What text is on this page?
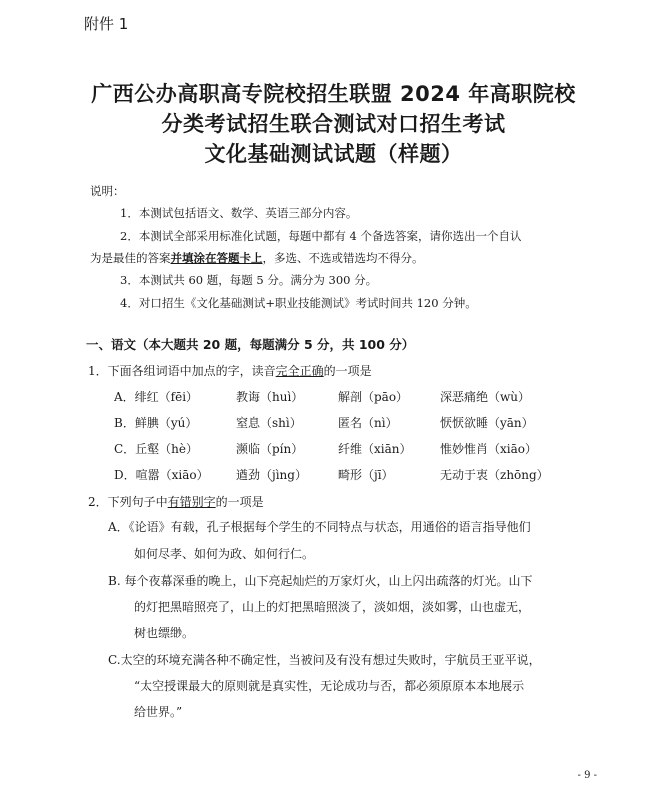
附件 1
广西公办高职高专院校招生联盟 2024 年高职院校
分类考试招生联合测试对口招生考试
文化基础测试试题（样题）
说明：
1．本测试包括语文、数学、英语三部分内容。
2．本测试全部采用标准化试题，每题中都有 4 个备选答案，请你选出一个自认
为是最佳的答案并填涂在答题卡上，多选、不选或错选均不得分。
3．本测试共 60 题，每题 5 分。满分为 300 分。
4．对口招生《文化基础测试+职业技能测试》考试时间共 120 分钟。
一、语文（本大题共 20 题，每题满分 5 分，共 100 分）
1．下面各组词语中加点的字，读音完全正确的一项是
A．绯红（fēi）	教诲（huì）	解剖（pāo）	深恶痛绝（wù）
B．鲜腆（yú）	窒息（shì）	匿名（nì）	恹恹欲睡（yān）
C．丘壑（hè）	濒临（pín）	纤维（xiān） 惟妙惟肖（xiāo）
D．喧嚣（xiāo） 遒劲（jìng）	畸形（jī）	无动于衷（zhōng）
2．下列句子中有错别字的一项是
A．《论语》有载，孔子根据每个学生的不同特点与状态，用通俗的语言指导他们
如何尽孝、如何为政、如何行仁。
B. 每个夜幕深垂的晚上，山下亮起灿烂的万家灯火，山上闪出疏落的灯光。山下
的灯把黑暗照亮了，山上的灯把黑暗照淡了，淡如烟，淡如雾，山也虚无，
树也缥缈。
C.太空的环境充满各种不确定性，当被问及有没有想过失败时，宇航员王亚平说，
“太空授课最大的原则就是真实性，无论成功与否，都必须原原本本地展示
给世界。”
- 9 -
